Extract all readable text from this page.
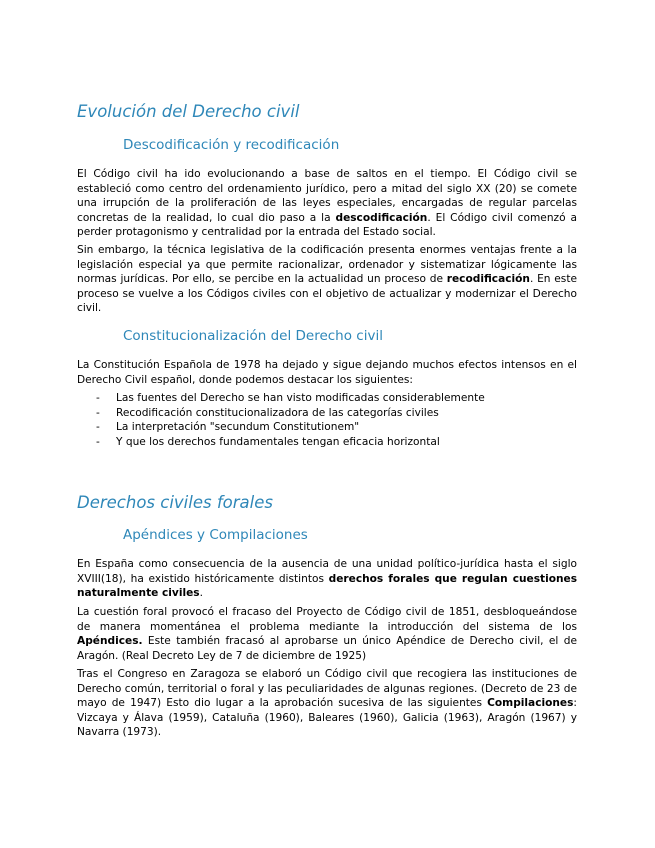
Evolución del Derecho civil
Descodificación y recodificación

El Código civil ha ido evolucionando a base de saltos en el tiempo. El Código civil se estableció como centro del ordenamiento jurídico, pero a mitad del siglo XX (20) se comete una irrupción de la proliferación de las leyes especiales, encargadas de regular parcelas concretas de la realidad, lo cual dio paso a la descodificación. El Código civil comenzó a perder protagonismo y centralidad por la entrada del Estado social.

Sin embargo, la técnica legislativa de la codificación presenta enormes ventajas frente a la legislación especial ya que permite racionalizar, ordenador y sistematizar lógicamente las normas jurídicas. Por ello, se percibe en la actualidad un proceso de recodificación. En este proceso se vuelve a los Códigos civiles con el objetivo de actualizar y modernizar el Derecho civil.

Constitucionalización del Derecho civil

La Constitución Española de 1978 ha dejado y sigue dejando muchos efectos intensos en el Derecho Civil español, donde podemos destacar los siguientes:

- Las fuentes del Derecho se han visto modificadas considerablemente
- Recodificación constitucionalizadora de las categorías civiles
- La interpretación "secundum Constitutionem"
- Y que los derechos fundamentales tengan eficacia horizontal
Derechos civiles forales
Apéndices y Compilaciones

En España como consecuencia de la ausencia de una unidad político-jurídica hasta el siglo XVIII(18), ha existido históricamente distintos derechos forales que regulan cuestiones naturalmente civiles.

La cuestión foral provocó el fracaso del Proyecto de Código civil de 1851, desbloqueándose de manera momentánea el problema mediante la introducción del sistema de los Apéndices. Este también fracasó al aprobarse un único Apéndice de Derecho civil, el de Aragón. (Real Decreto Ley de 7 de diciembre de 1925)

Tras el Congreso en Zaragoza se elaboró un Código civil que recogiera las instituciones de Derecho común, territorial o foral y las peculiaridades de algunas regiones. (Decreto de 23 de mayo de 1947) Esto dio lugar a la aprobación sucesiva de las siguientes Compilaciones: Vizcaya y Álava (1959), Cataluña (1960), Baleares (1960), Galicia (1963), Aragón (1967) y Navarra (1973).
